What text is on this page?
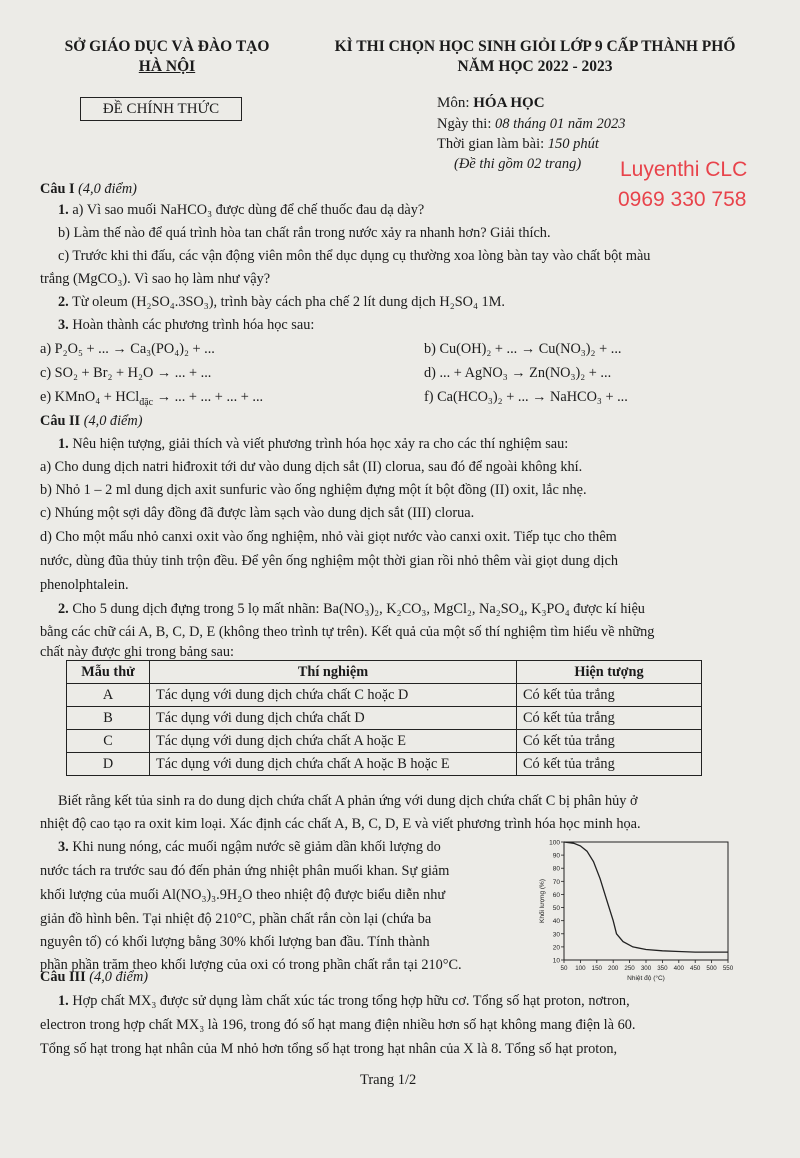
SỞ GIÁO DỤC VÀ ĐÀO TẠO
HÀ NỘI
KÌ THI CHỌN HỌC SINH GIỎI LỚP 9 CẤP THÀNH PHỐ
NĂM HỌC 2022 - 2023
ĐỀ CHÍNH THỨC	Môn: HÓA HỌC
Ngày thi: 08 tháng 01 năm 2023
Thời gian làm bài: 150 phút
(Đề thi gồm 02 trang) Luyenthi CLC
0969 330 758
Câu I (4,0 điểm)
1. a) Vì sao muối NaHCO₃ được dùng để chế thuốc đau dạ dày?
b) Làm thế nào để quá trình hòa tan chất rắn trong nước xảy ra nhanh hơn? Giải thích.
c) Trước khi thi đấu, các vận động viên môn thể dục dụng cụ thường xoa lòng bàn tay vào chất bột màu
trắng (MgCO₃). Vì sao họ làm như vậy?
2. Từ oleum (H₂SO₄.3SO₃), trình bày cách pha chế 2 lít dung dịch H₂SO₄ 1M.
3. Hoàn thành các phương trình hóa học sau:
a) P₂O₅ + ... → Ca₃(PO₄)₂ + ...	b) Cu(OH)₂ + ... → Cu(NO₃)₂ + ...
c) SO₂ + Br₂ + H₂O → ... + ...	d) ... + AgNO₃ → Zn(NO₃)₂ + ...
e) KMnO₄ + HCl$_{đặc}$ → ... + ... + ... + ...	f) Ca(HCO₃)₂ + ... → NaHCO₃ + ...
Câu II (4,0 điểm)
1. Nêu hiện tượng, giải thích và viết phương trình hóa học xảy ra cho các thí nghiệm sau:
a) Cho dung dịch natri hiđroxit tới dư vào dung dịch sắt (II) clorua, sau đó để ngoài không khí.
b) Nhỏ 1 – 2 ml dung dịch axit sunfuric vào ống nghiệm đựng một ít bột đồng (II) oxit, lắc nhẹ.
c) Nhúng một sợi dây đồng đã được làm sạch vào dung dịch sắt (III) clorua.
d) Cho một mẩu nhỏ canxi oxit vào ống nghiệm, nhỏ vài giọt nước vào canxi oxit. Tiếp tục cho thêm
nước, dùng đũa thủy tinh trộn đều. Để yên ống nghiệm một thời gian rồi nhỏ thêm vài giọt dung dịch
phenolphtalein.
2. Cho 5 dung dịch đựng trong 5 lọ mất nhãn: Ba(NO₃)₂, K₂CO₃, MgCl₂, Na₂SO₄, K₃PO₄ được kí hiệu
bằng các chữ cái A, B, C, D, E (không theo trình tự trên). Kết quả của một số thí nghiệm tìm hiểu về những
chất này được ghi trong bảng sau:
Mẫu thử	Thí nghiệm	Hiện tượng
A	Tác dụng với dung dịch chứa chất C hoặc D	Có kết tủa trắng
B	Tác dụng với dung dịch chứa chất D	Có kết tủa trắng
C	Tác dụng với dung dịch chứa chất A hoặc E	Có kết tủa trắng
D	Tác dụng với dung dịch chứa chất A hoặc B hoặc E	Có kết tủa trắng
Biết rằng kết tủa sinh ra do dung dịch chứa chất A phản ứng với dung dịch chứa chất C bị phân hủy ở
nhiệt độ cao tạo ra oxit kim loại. Xác định các chất A, B, C, D, E và viết phương trình hóa học minh họa.
3. Khi nung nóng, các muối ngậm nước sẽ giảm dần khối lượng do
nước tách ra trước sau đó đến phản ứng nhiệt phân muối khan. Sự giảm
khối lượng của muối Al(NO₃)₃.9H₂O theo nhiệt độ được biểu diễn như
giản đồ hình bên. Tại nhiệt độ 210°C, phần chất rắn còn lại (chứa ba
nguyên tố) có khối lượng bằng 30% khối lượng ban đầu. Tính thành
phần phần trăm theo khối lượng của oxi có trong phần chất rắn tại 210°C.	10
20
30
40
50
60
70
80
90
100
50 100 150 200 250 300 350 400 450 500 550
Nhiệt độ (°C)
Khối lượng (%)
Câu III (4,0 điểm)
1. Hợp chất MX₃ được sử dụng làm chất xúc tác trong tổng hợp hữu cơ. Tổng số hạt proton, nơtron,
electron trong hợp chất MX₃ là 196, trong đó số hạt mang điện nhiều hơn số hạt không mang điện là 60.
Tổng số hạt trong hạt nhân của M nhỏ hơn tổng số hạt trong hạt nhân của X là 8. Tổng số hạt proton,
Trang 1/2
